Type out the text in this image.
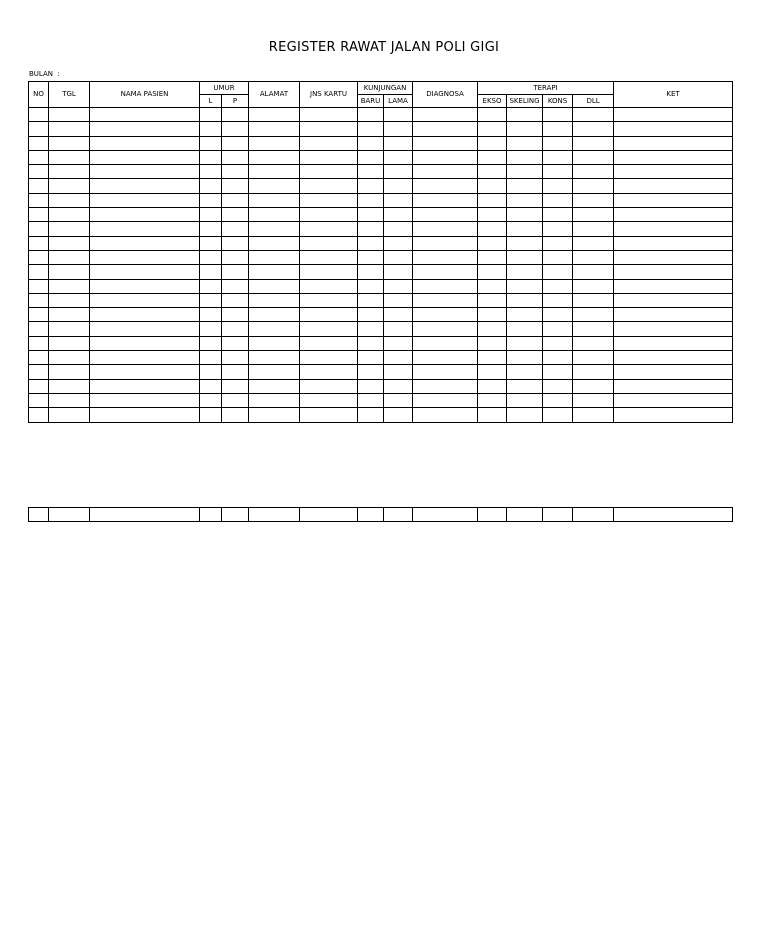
REGISTER RAWAT JALAN POLI GIGI
BULAN  :
NO	TGL	NAMA PASIEN	UMUR		ALAMAT	JNS KARTU	KUNJUNGAN		DIAGNOSA	TERAPI				KET
			L	P			BARU	LAMA		EKSO	SKELING	KONS	DLL	
